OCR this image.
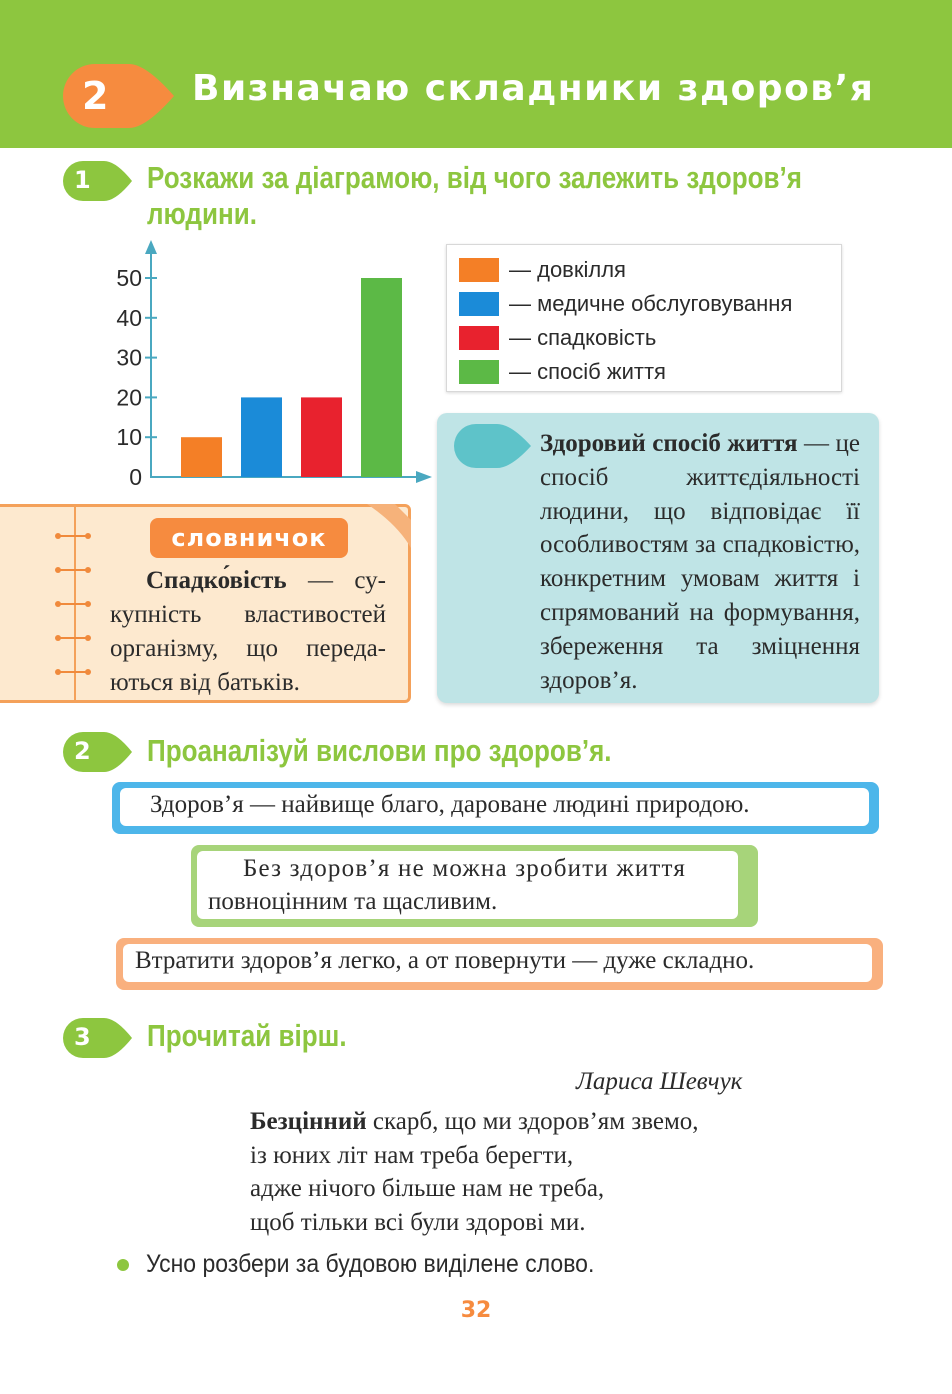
2 Визначаю складники здоров’я
1 Розкажи за діаграмою, від чого залежить здоров’я
людини.
0
10
20
30
40
50	— довкілля
— медичне обслуговування
— спадковість
— спосіб життя

Здоровий спосіб життя — це спосіб життєдіяльності людини, що відповідає її особливостям за спадковістю, конкретним умовам життя і спрямований на формування, збереження та зміцнення здоров’я.

словничок
Спадко́вість — сукупність властивостей організму, що передаються від батьків.
2 Проаналізуй вислови про здоров’я.
Здоров’я — найвище благо, дароване людині природою.
Без здоров’я не можна зробити життя
повноцінним та щасливим.
Втратити здоров’я легко, а от повернути — дуже складно.
3 Прочитай вірш.
Лариса Шевчук
Безцінний скарб, що ми здоров’ям звемо,
із юних літ нам треба берегти,
адже нічого більше нам не треба,
щоб тільки всі були здорові ми.
Усно розбери за будовою виділене слово.
32
